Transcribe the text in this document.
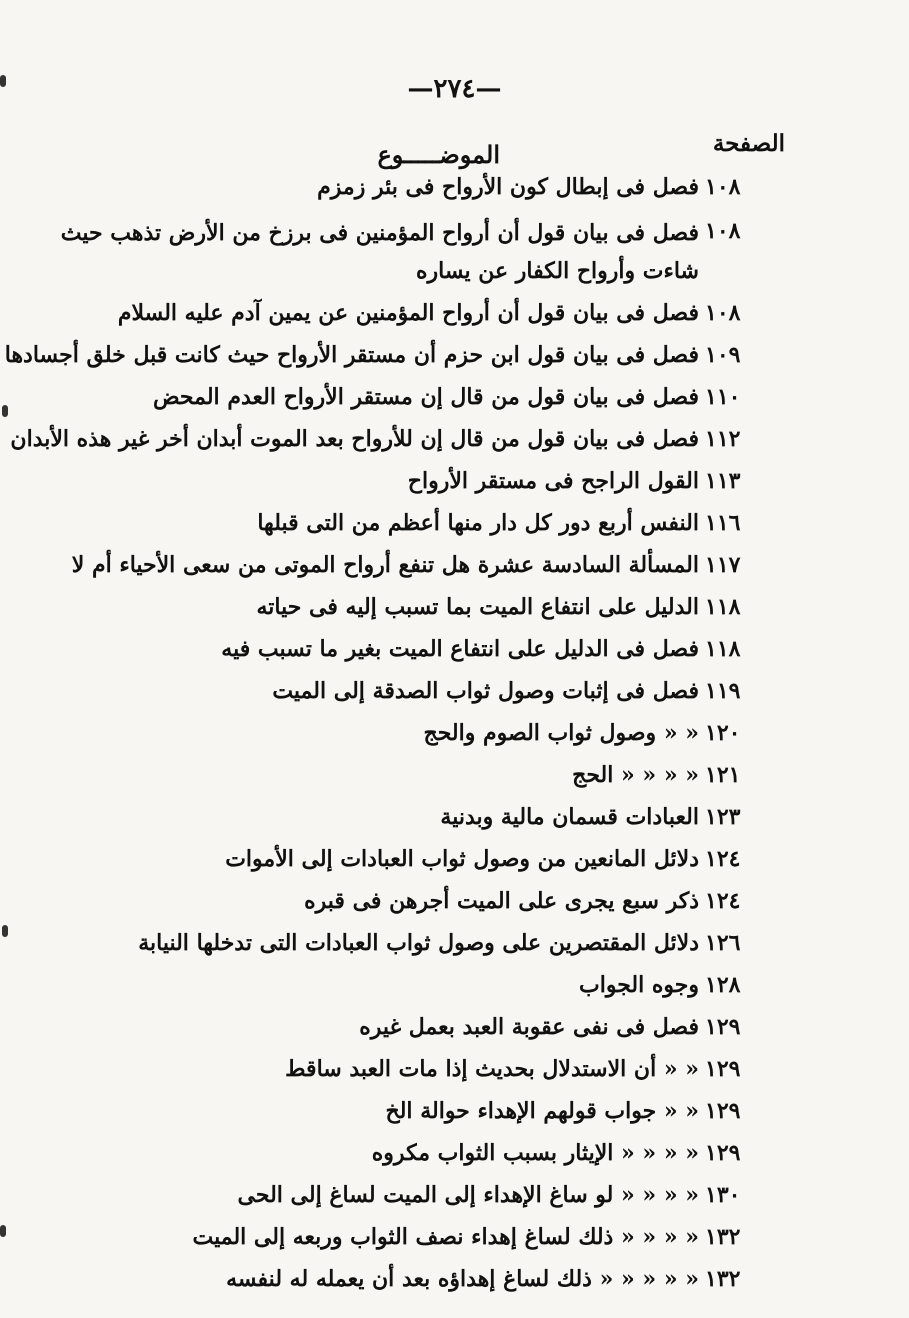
—٢٧٤—
الصفحة
الموضـــــوع
١٠٨
فصل فى إبطال كون الأرواح فى بئر زمزم
١٠٨
فصل فى بيان قول أن أرواح المؤمنين فى برزخ من الأرض تذهب حيث شاءت وأرواح الكفار عن يساره
١٠٨
فصل فى بيان قول أن أرواح المؤمنين عن يمين آدم عليه السلام
١٠٩
فصل فى بيان قول ابن حزم أن مستقر الأرواح حيث كانت قبل خلق أجسادها
١١٠
فصل فى بيان قول من قال إن مستقر الأرواح العدم المحض
١١٢
فصل فى بيان قول من قال إن للأرواح بعد الموت أبدان أخر غير هذه الأبدان
١١٣
القول الراجح فى مستقر الأرواح
١١٦
النفس أربع دور كل دار منها أعظم من التى قبلها
١١٧
المسألة السادسة عشرة هل تنفع أرواح الموتى من سعى الأحياء أم لا
١١٨
الدليل على انتفاع الميت بما تسبب إليه فى حياته
١١٨
فصل فى الدليل على انتفاع الميت بغير ما تسبب فيه
١١٩
فصل فى إثبات وصول ثواب الصدقة إلى الميت
١٢٠
« « وصول ثواب الصوم والحج
١٢١
« « « « الحج
١٢٣
العبادات قسمان مالية وبدنية
١٢٤
دلائل المانعين من وصول ثواب العبادات إلى الأموات
١٢٤
ذكر سبع يجرى على الميت أجرهن فى قبره
١٢٦
دلائل المقتصرين على وصول ثواب العبادات التى تدخلها النيابة
١٢٨
وجوه الجواب
١٢٩
فصل فى نفى عقوبة العبد بعمل غيره
١٢٩
« « أن الاستدلال بحديث إذا مات العبد ساقط
١٢٩
« « جواب قولهم الإهداء حوالة الخ
١٢٩
« « « « الإيثار بسبب الثواب مكروه
١٣٠
« « « « لو ساغ الإهداء إلى الميت لساغ إلى الحى
١٣٢
« « « « ذلك لساغ إهداء نصف الثواب وربعه إلى الميت
١٣٢
« « « « « ذلك لساغ إهداؤه بعد أن يعمله له لنفسه
